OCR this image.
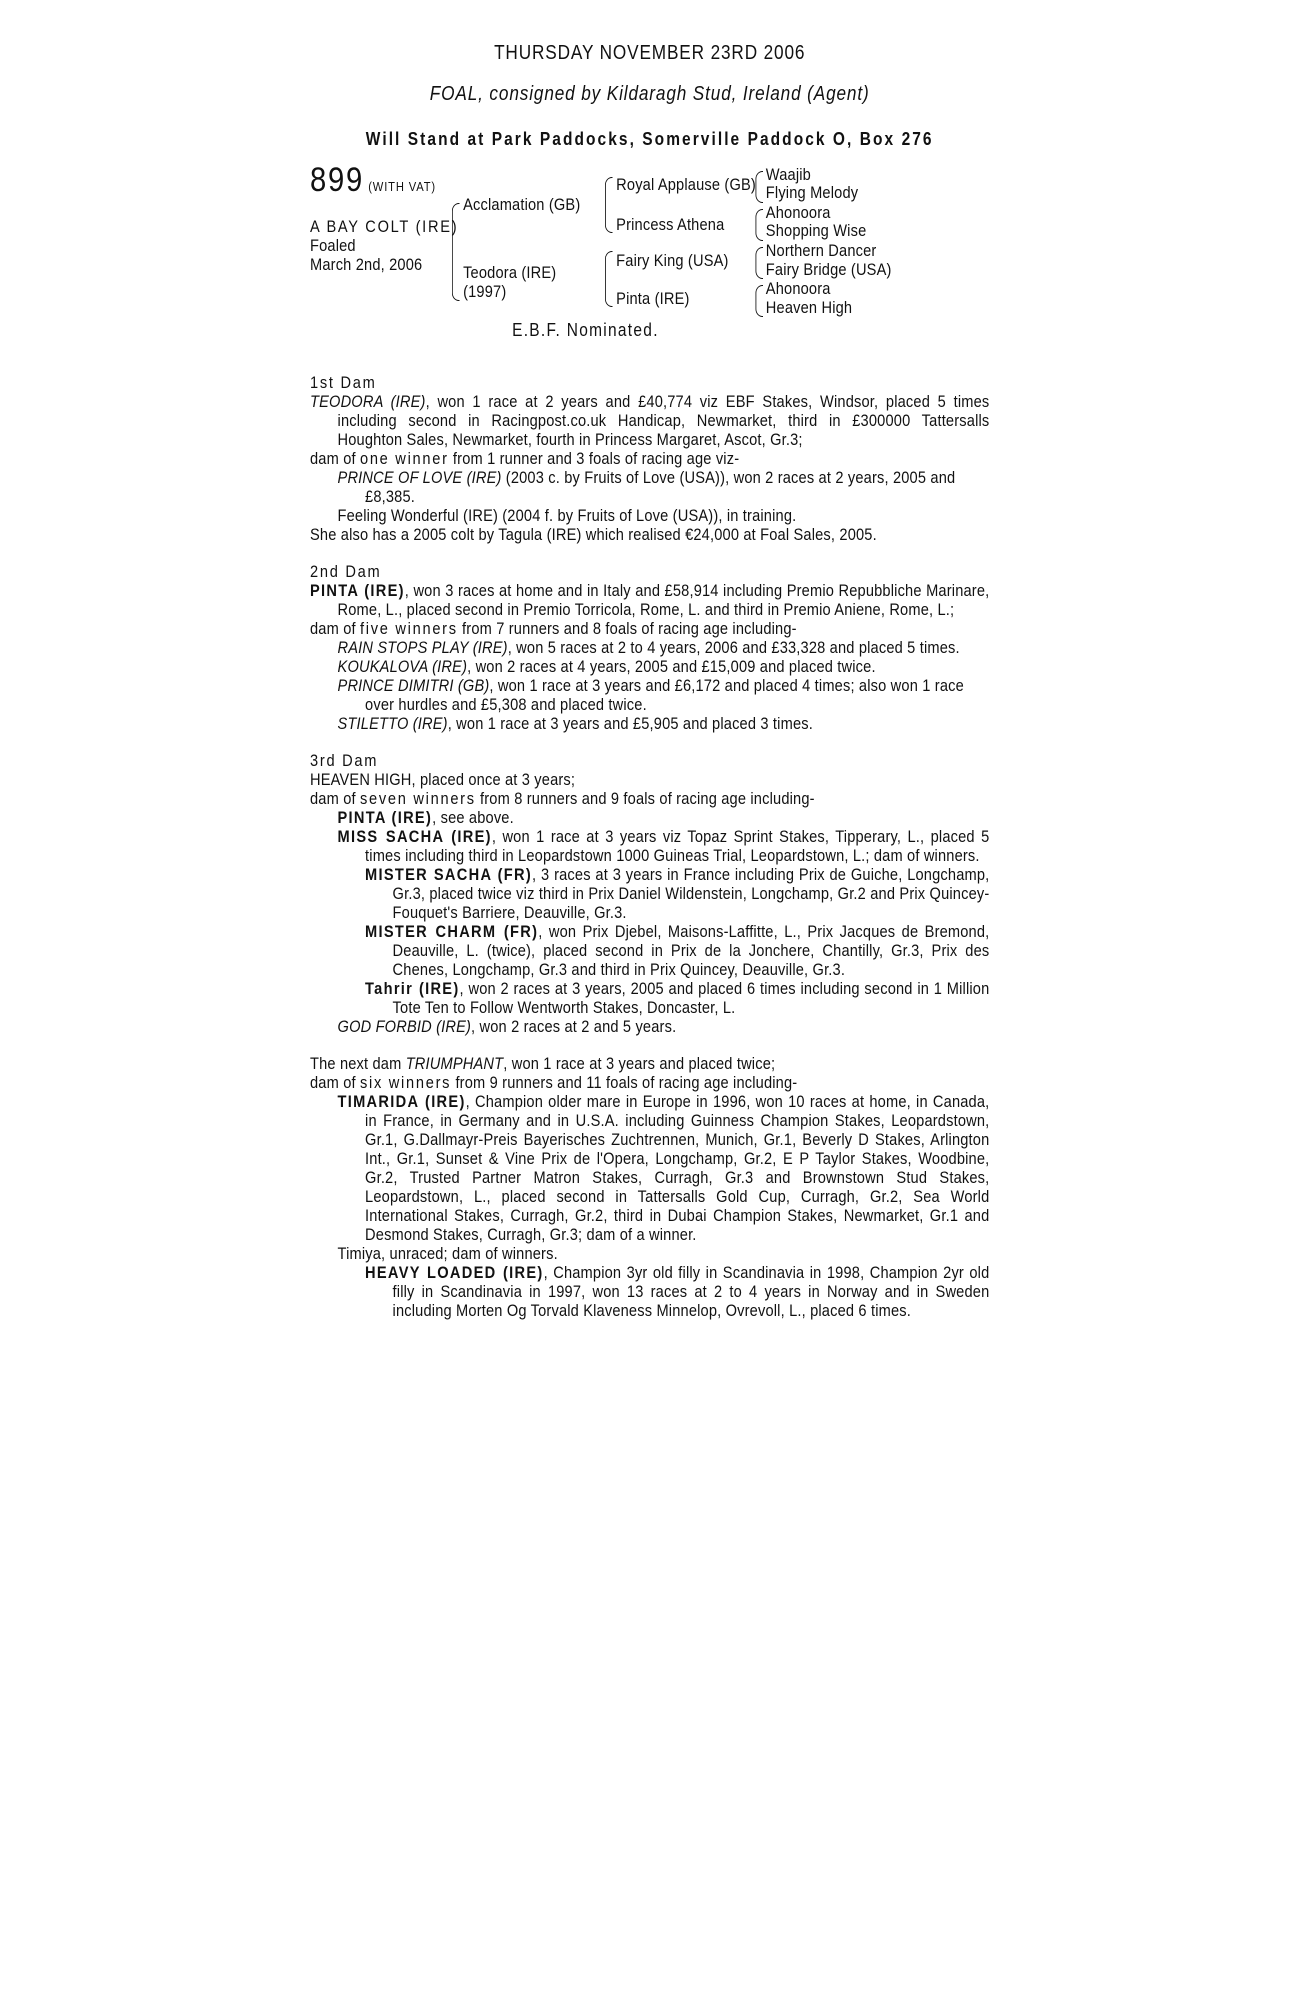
THURSDAY NOVEMBER 23RD 2006
FOAL, consigned by Kildaragh Stud, Ireland (Agent)
Will Stand at Park Paddocks, Somerville Paddock O, Box 276
899 (WITH VAT)
A BAY COLT (IRE)
Foaled
March 2nd, 2006
Acclamation (GB)
Teodora (IRE)
(1997)
Royal Applause (GB)
Princess Athena
Fairy King (USA)
Pinta (IRE)
Waajib
Flying Melody
Ahonoora
Shopping Wise
Northern Dancer
Fairy Bridge (USA)
Ahonoora
Heaven High
E.B.F. Nominated.
1st Dam

TEODORA (IRE), won 1 race at 2 years and £40,774 viz EBF Stakes, Windsor, placed 5 times including second in Racingpost.co.uk Handicap, Newmarket, third in £300000 Tattersalls Houghton Sales, Newmarket, fourth in Princess Margaret, Ascot, Gr.3;

dam of one winner from 1 runner and 3 foals of racing age viz-

PRINCE OF LOVE (IRE) (2003 c. by Fruits of Love (USA)), won 2 races at 2 years, 2005 and £8,385.

Feeling Wonderful (IRE) (2004 f. by Fruits of Love (USA)), in training.

She also has a 2005 colt by Tagula (IRE) which realised €24,000 at Foal Sales, 2005.

2nd Dam

PINTA (IRE), won 3 races at home and in Italy and £58,914 including Premio Repubbliche Marinare, Rome, L., placed second in Premio Torricola, Rome, L. and third in Premio Aniene, Rome, L.;

dam of five winners from 7 runners and 8 foals of racing age including-

RAIN STOPS PLAY (IRE), won 5 races at 2 to 4 years, 2006 and £33,328 and placed 5 times.

KOUKALOVA (IRE), won 2 races at 4 years, 2005 and £15,009 and placed twice.

PRINCE DIMITRI (GB), won 1 race at 3 years and £6,172 and placed 4 times; also won 1 race over hurdles and £5,308 and placed twice.

STILETTO (IRE), won 1 race at 3 years and £5,905 and placed 3 times.

3rd Dam

HEAVEN HIGH, placed once at 3 years;

dam of seven winners from 8 runners and 9 foals of racing age including-

PINTA (IRE), see above.

MISS SACHA (IRE), won 1 race at 3 years viz Topaz Sprint Stakes, Tipperary, L., placed 5 times including third in Leopardstown 1000 Guineas Trial, Leopardstown, L.; dam of winners.

MISTER SACHA (FR), 3 races at 3 years in France including Prix de Guiche, Longchamp, Gr.3, placed twice viz third in Prix Daniel Wildenstein, Longchamp, Gr.2 and Prix Quincey-Fouquet's Barriere, Deauville, Gr.3.

MISTER CHARM (FR), won Prix Djebel, Maisons-Laffitte, L., Prix Jacques de Bremond, Deauville, L. (twice), placed second in Prix de la Jonchere, Chantilly, Gr.3, Prix des Chenes, Longchamp, Gr.3 and third in Prix Quincey, Deauville, Gr.3.

Tahrir (IRE), won 2 races at 3 years, 2005 and placed 6 times including second in 1 Million Tote Ten to Follow Wentworth Stakes, Doncaster, L.

GOD FORBID (IRE), won 2 races at 2 and 5 years.

The next dam TRIUMPHANT, won 1 race at 3 years and placed twice;

dam of six winners from 9 runners and 11 foals of racing age including-

TIMARIDA (IRE), Champion older mare in Europe in 1996, won 10 races at home, in Canada, in France, in Germany and in U.S.A. including Guinness Champion Stakes, Leopardstown, Gr.1, G.Dallmayr-Preis Bayerisches Zuchtrennen, Munich, Gr.1, Beverly D Stakes, Arlington Int., Gr.1, Sunset & Vine Prix de l'Opera, Longchamp, Gr.2, E P Taylor Stakes, Woodbine, Gr.2, Trusted Partner Matron Stakes, Curragh, Gr.3 and Brownstown Stud Stakes, Leopardstown, L., placed second in Tattersalls Gold Cup, Curragh, Gr.2, Sea World International Stakes, Curragh, Gr.2, third in Dubai Champion Stakes, Newmarket, Gr.1 and Desmond Stakes, Curragh, Gr.3; dam of a winner.

Timiya, unraced; dam of winners.

HEAVY LOADED (IRE), Champion 3yr old filly in Scandinavia in 1998, Champion 2yr old filly in Scandinavia in 1997, won 13 races at 2 to 4 years in Norway and in Sweden including Morten Og Torvald Klaveness Minnelop, Ovrevoll, L., placed 6 times.
